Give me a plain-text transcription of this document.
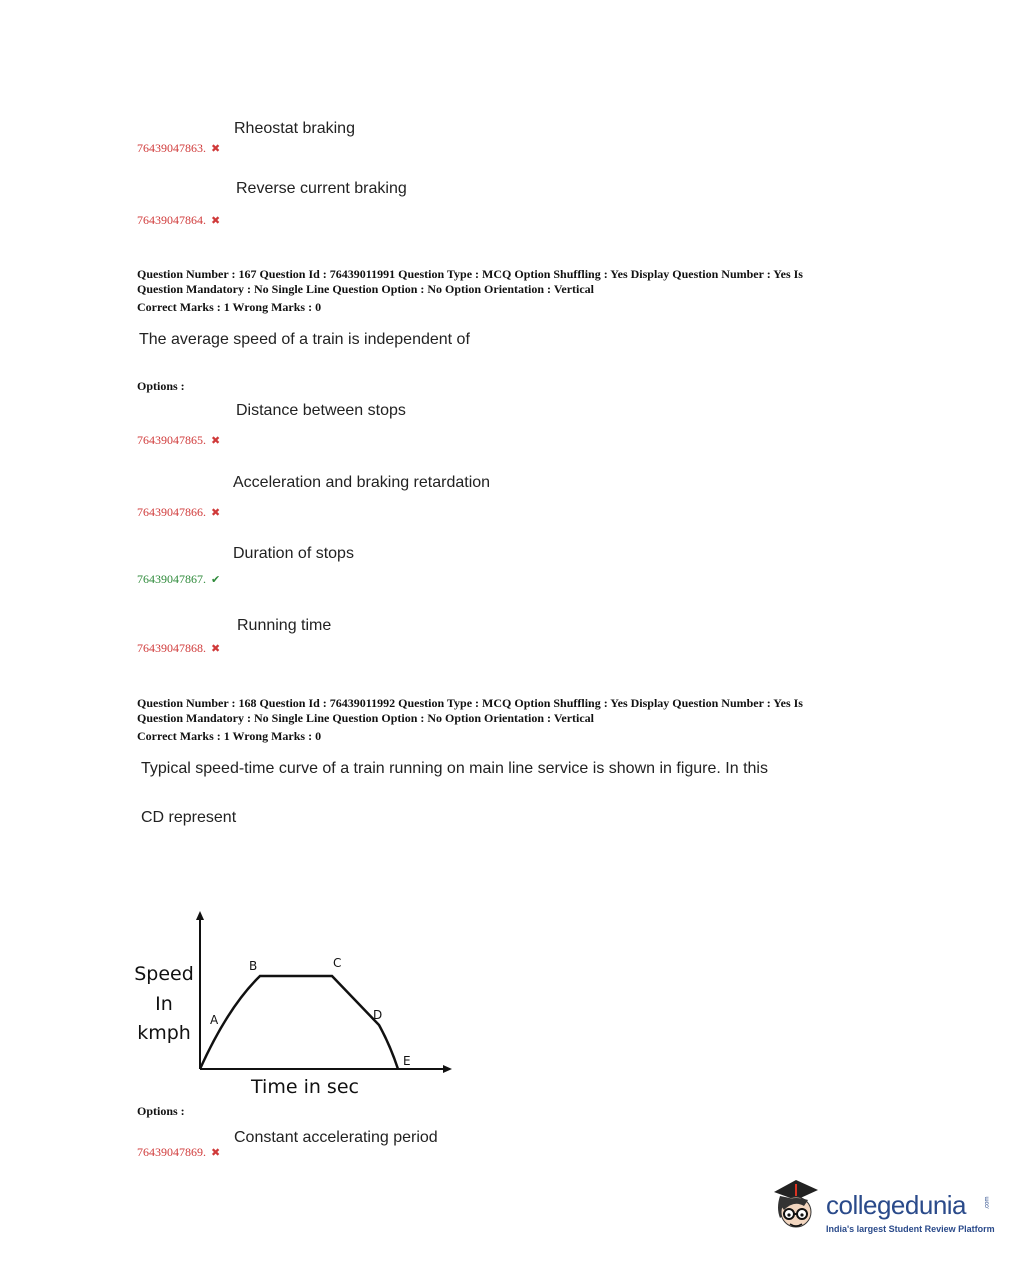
Rheostat braking
76439047863. ✖
Reverse current braking
76439047864. ✖
Question Number : 167 Question Id : 76439011991 Question Type : MCQ Option Shuffling : Yes Display Question Number : Yes Is
Question Mandatory : No Single Line Question Option : No Option Orientation : Vertical
Correct Marks : 1 Wrong Marks : 0
The average speed of a train is independent of
Options :
Distance between stops
76439047865. ✖
Acceleration and braking retardation
76439047866. ✖
Duration of stops
76439047867. ✔
Running time
76439047868. ✖
Question Number : 168 Question Id : 76439011992 Question Type : MCQ Option Shuffling : Yes Display Question Number : Yes Is
Question Mandatory : No Single Line Question Option : No Option Orientation : Vertical
Correct Marks : 1 Wrong Marks : 0
Typical speed-time curve of a train running on main line service is shown in figure. In this
CD represent
Speed
In
kmph
Time in sec
A
B	C
D
E
Options :
Constant accelerating period
76439047869. ✖
collegedunia	.com
India's largest Student Review Platform
